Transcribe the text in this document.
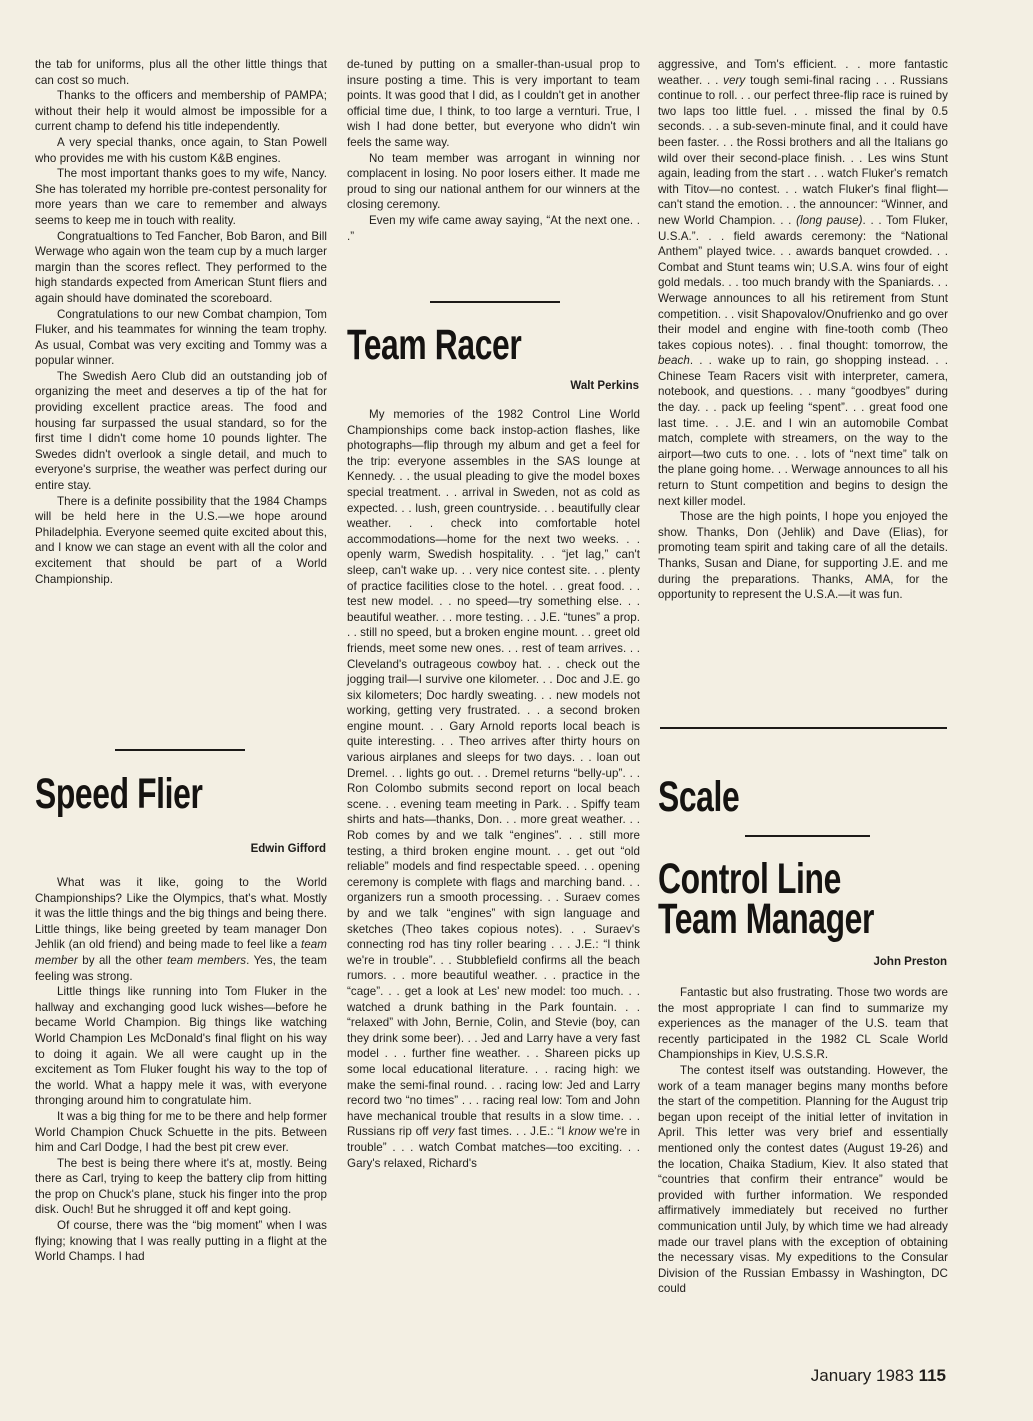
the tab for uniforms, plus all the other little things that can cost so much.

Thanks to the officers and membership of PAMPA; without their help it would almost be impossible for a current champ to defend his title independently.

A very special thanks, once again, to Stan Powell who provides me with his custom K&B engines.

The most important thanks goes to my wife, Nancy. She has tolerated my horrible pre-contest personality for more years than we care to remember and always seems to keep me in touch with reality.

Congratualtions to Ted Fancher, Bob Baron, and Bill Werwage who again won the team cup by a much larger margin than the scores reflect. They performed to the high standards expected from American Stunt fliers and again should have dominated the scoreboard.

Congratulations to our new Combat champion, Tom Fluker, and his teammates for winning the team trophy. As usual, Combat was very exciting and Tommy was a popular winner.

The Swedish Aero Club did an outstanding job of organizing the meet and deserves a tip of the hat for providing excellent practice areas. The food and housing far surpassed the usual standard, so for the first time I didn't come home 10 pounds lighter. The Swedes didn't overlook a single detail, and much to everyone's surprise, the weather was perfect during our entire stay.

There is a definite possibility that the 1984 Champs will be held here in the U.S.—we hope around Philadelphia. Everyone seemed quite excited about this, and I know we can stage an event with all the color and excitement that should be part of a World Championship.

Speed Flier
Edwin Gifford

What was it like, going to the World Championships? Like the Olympics, that's what. Mostly it was the little things and the big things and being there. Little things, like being greeted by team manager Don Jehlik (an old friend) and being made to feel like a team member by all the other team members. Yes, the team feeling was strong.

Little things like running into Tom Fluker in the hallway and exchanging good luck wishes—before he became World Champion. Big things like watching World Champion Les McDonald's final flight on his way to doing it again. We all were caught up in the excitement as Tom Fluker fought his way to the top of the world. What a happy mele it was, with everyone thronging around him to congratulate him.

It was a big thing for me to be there and help former World Champion Chuck Schuette in the pits. Between him and Carl Dodge, I had the best pit crew ever.

The best is being there where it's at, mostly. Being there as Carl, trying to keep the battery clip from hitting the prop on Chuck's plane, stuck his finger into the prop disk. Ouch! But he shrugged it off and kept going.

Of course, there was the “big moment” when I was flying; knowing that I was really putting in a flight at the World Champs. I had

de-tuned by putting on a smaller-than-usual prop to insure posting a time. This is very important to team points. It was good that I did, as I couldn't get in another official time due, I think, to too large a vernturi. True, I wish I had done better, but everyone who didn't win feels the same way.

No team member was arrogant in winning nor complacent in losing. No poor losers either. It made me proud to sing our national anthem for our winners at the closing ceremony.

Even my wife came away saying, “At the next one. . .”

Team Racer
Walt Perkins

My memories of the 1982 Control Line World Championships come back instop-action flashes, like photographs—flip through my album and get a feel for the trip: everyone assembles in the SAS lounge at Kennedy. . . the usual pleading to give the model boxes special treatment. . . arrival in Sweden, not as cold as expected. . . lush, green countryside. . . beautifully clear weather. . . check into comfortable hotel accommodations—home for the next two weeks. . . openly warm, Swedish hospitality. . . “jet lag,” can't sleep, can't wake up. . . very nice contest site. . . plenty of practice facilities close to the hotel. . . great food. . . test new model. . . no speed—try something else. . . beautiful weather. . . more testing. . . J.E. “tunes” a prop. . . still no speed, but a broken engine mount. . . greet old friends, meet some new ones. . . rest of team arrives. . . Cleveland's outrageous cowboy hat. . . check out the jogging trail—I survive one kilometer. . . Doc and J.E. go six kilometers; Doc hardly sweating. . . new models not working, getting very frustrated. . . a second broken engine mount. . . Gary Arnold reports local beach is quite interesting. . . Theo arrives after thirty hours on various airplanes and sleeps for two days. . . loan out Dremel. . . lights go out. . . Dremel returns “belly-up”. . . Ron Colombo submits second report on local beach scene. . . evening team meeting in Park. . . Spiffy team shirts and hats—thanks, Don. . . more great weather. . . Rob comes by and we talk “engines”. . . still more testing, a third broken engine mount. . . get out “old reliable” models and find respectable speed. . . opening ceremony is complete with flags and marching band. . . organizers run a smooth processing. . . Suraev comes by and we talk “engines” with sign language and sketches (Theo takes copious notes). . . Suraev's connecting rod has tiny roller bearing . . . J.E.: “I think we're in trouble”. . . Stubblefield confirms all the beach rumors. . . more beautiful weather. . . practice in the “cage”. . . get a look at Les' new model: too much. . . watched a drunk bathing in the Park fountain. . . “relaxed” with John, Bernie, Colin, and Stevie (boy, can they drink some beer). . . Jed and Larry have a very fast model . . . further fine weather. . . Shareen picks up some local educational literature. . . racing high: we make the semi-final round. . . racing low: Jed and Larry record two “no times” . . . racing real low: Tom and John have mechanical trouble that results in a slow time. . . Russians rip off very fast times. . . J.E.: “I know we're in trouble” . . . watch Combat matches—too exciting. . . Gary's relaxed, Richard's

aggressive, and Tom's efficient. . . more fantastic weather. . . very tough semi-final racing . . . Russians continue to roll. . . our perfect three-flip race is ruined by two laps too little fuel. . . missed the final by 0.5 seconds. . . a sub-seven-minute final, and it could have been faster. . . the Rossi brothers and all the Italians go wild over their second-place finish. . . Les wins Stunt again, leading from the start . . . watch Fluker's rematch with Titov—no contest. . . watch Fluker's final flight—can't stand the emotion. . . the announcer: “Winner, and new World Champion. . . (long pause). . . Tom Fluker, U.S.A.”. . . field awards ceremony: the “National Anthem” played twice. . . awards banquet crowded. . . Combat and Stunt teams win; U.S.A. wins four of eight gold medals. . . too much brandy with the Spaniards. . . Werwage announces to all his retirement from Stunt competition. . . visit Shapovalov/Onufrienko and go over their model and engine with fine-tooth comb (Theo takes copious notes). . . final thought: tomorrow, the beach. . . wake up to rain, go shopping instead. . . Chinese Team Racers visit with interpreter, camera, notebook, and questions. . . many “goodbyes” during the day. . . pack up feeling “spent”. . . great food one last time. . . J.E. and I win an automobile Combat match, complete with streamers, on the way to the airport—two cuts to one. . . lots of “next time” talk on the plane going home. . . Werwage announces to all his return to Stunt competition and begins to design the next killer model.

Those are the high points, I hope you enjoyed the show. Thanks, Don (Jehlik) and Dave (Elias), for promoting team spirit and taking care of all the details. Thanks, Susan and Diane, for supporting J.E. and me during the preparations. Thanks, AMA, for the opportunity to represent the U.S.A.—it was fun.

Scale
Control Line
Team Manager
John Preston

Fantastic but also frustrating. Those two words are the most appropriate I can find to summarize my experiences as the manager of the U.S. team that recently participated in the 1982 CL Scale World Championships in Kiev, U.S.S.R.

The contest itself was outstanding. However, the work of a team manager begins many months before the start of the competition. Planning for the August trip began upon receipt of the initial letter of invitation in April. This letter was very brief and essentially mentioned only the contest dates (August 19-26) and the location, Chaika Stadium, Kiev. It also stated that “countries that confirm their entrance” would be provided with further information. We responded affirmatively immediately but received no further communication until July, by which time we had already made our travel plans with the exception of obtaining the necessary visas. My expeditions to the Consular Division of the Russian Embassy in Washington, DC could

January 1983 115
